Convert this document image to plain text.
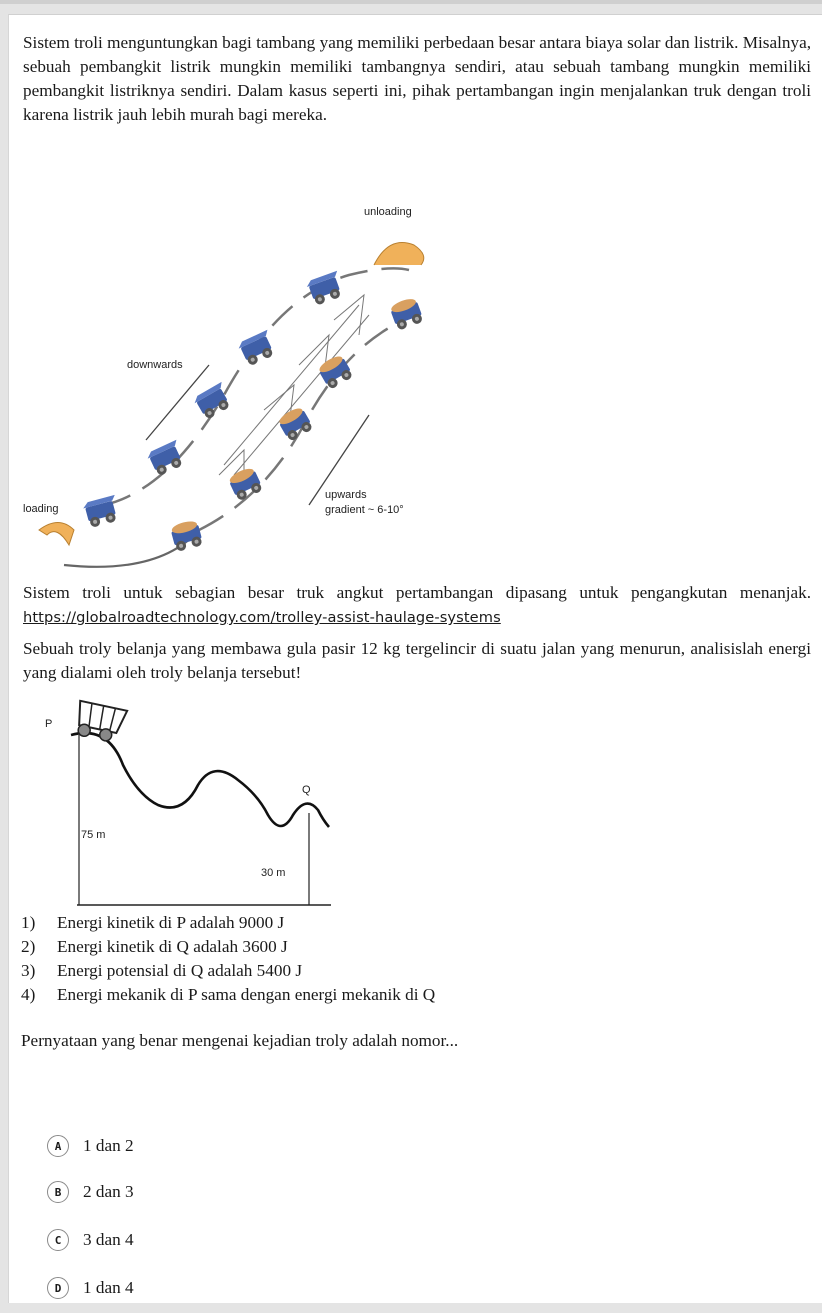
Sistem troli menguntungkan bagi tambang yang memiliki perbedaan besar antara biaya solar dan listrik. Misalnya, sebuah pembangkit listrik mungkin memiliki tambangnya sendiri, atau sebuah tambang mungkin memiliki pembangkit listriknya sendiri. Dalam kasus seperti ini, pihak pertambangan ingin menjalankan truk dengan troli karena listrik jauh lebih murah bagi mereka.

unloading
downwards
loading
upwards
gradient ~ 6-10°

Sistem troli untuk sebagian besar truk angkut pertambangan dipasang untuk pengangkutan menanjak. https://globalroadtechnology.com/trolley-assist-haulage-systems

Sebuah troly belanja yang membawa gula pasir 12 kg tergelincir di suatu jalan yang menurun, analisislah energi yang dialami oleh troly belanja tersebut!

P
Q
75 m
30 m
1) Energi kinetik di P adalah 9000 J
2) Energi kinetik di Q adalah 3600 J
3) Energi potensial di Q adalah 5400 J
4) Energi mekanik di P sama dengan energi mekanik di Q

Pernyataan yang benar mengenai kejadian troly adalah nomor...

A	1 dan 2
B	2 dan 3
C	3 dan 4
D	1 dan 4
